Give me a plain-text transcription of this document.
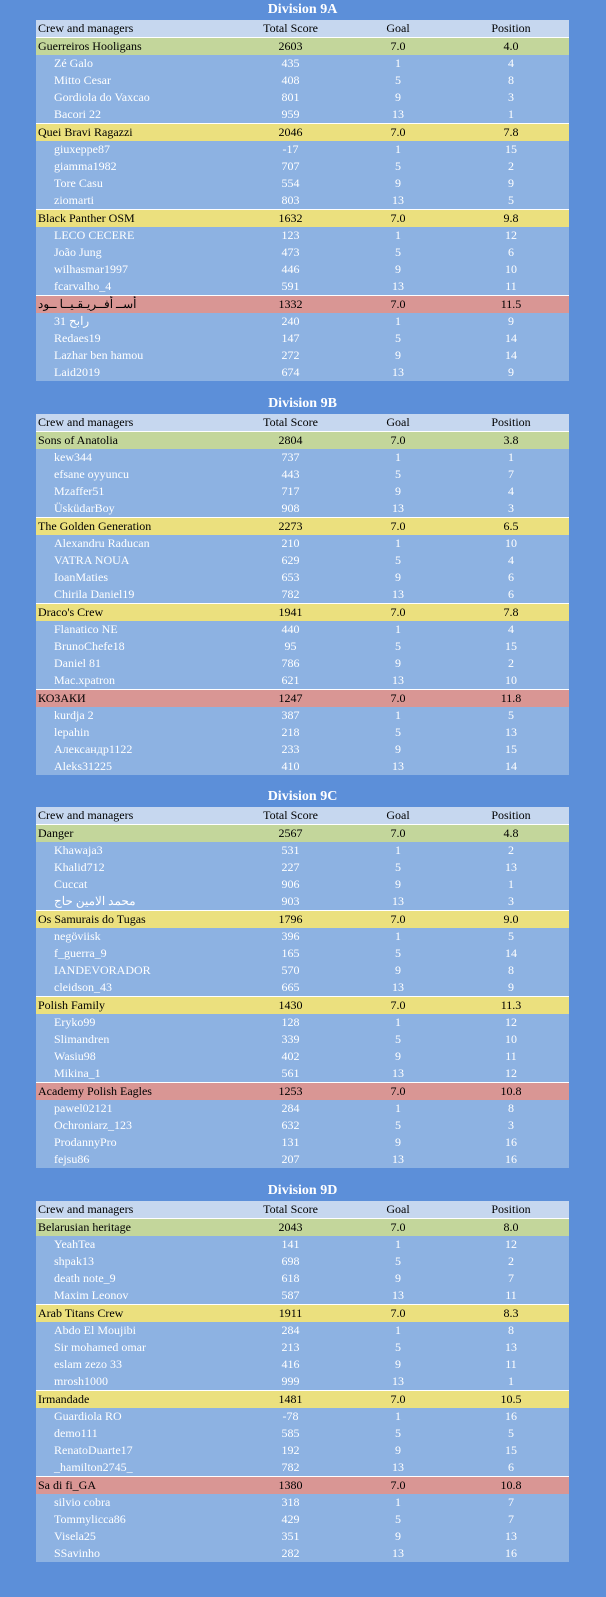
Division 9A
Crew and managers	Total Score	Goal	Position
Guerreiros Hooligans	2603	7.0	4.0
Zé Galo	435	1	4
Mitto Cesar	408	5	8
Gordiola do Vaxcao	801	9	3
Bacori 22	959	13	1
Quei Bravi Ragazzi	2046	7.0	7.8
giuxeppe87	-17	1	15
giamma1982	707	5	2
Tore Casu	554	9	9
ziomarti	803	13	5
Black Panther OSM	1632	7.0	9.8
LECO CECERE	123	1	12
João Jung	473	5	6
wilhasmar1997	446	9	10
fcarvalho_4	591	13	11
أســ أفــريـقـيــا ــود	1332	7.0	11.5
رابح 31	240	1	9
Redaes19	147	5	14
Lazhar ben hamou	272	9	14
Laid2019	674	13	9
Division 9B
Crew and managers	Total Score	Goal	Position
Sons of Anatolia	2804	7.0	3.8
kew344	737	1	1
efsane oyyuncu	443	5	7
Mzaffer51	717	9	4
ÜsküdarBoy	908	13	3
The Golden Generation	2273	7.0	6.5
Alexandru Raducan	210	1	10
VATRA NOUA	629	5	4
IoanMaties	653	9	6
Chirila Daniel19	782	13	6
Draco's Crew	1941	7.0	7.8
Flanatico NE	440	1	4
BrunoChefe18	95	5	15
Daniel 81	786	9	2
Mac.xpatron	621	13	10
КОЗАКИ	1247	7.0	11.8
kurdja 2	387	1	5
lepahin	218	5	13
Александр1122	233	9	15
Aleks31225	410	13	14
Division 9C
Crew and managers	Total Score	Goal	Position
Danger	2567	7.0	4.8
Khawaja3	531	1	2
Khalid712	227	5	13
Cuccat	906	9	1
محمد الامين حاج	903	13	3
Os Samurais do Tugas	1796	7.0	9.0
negöviisk	396	1	5
f_guerra_9	165	5	14
IANDEVORADOR	570	9	8
cleidson_43	665	13	9
Polish Family	1430	7.0	11.3
Eryko99	128	1	12
Slimandren	339	5	10
Wasiu98	402	9	11
Mikina_1	561	13	12
Academy Polish Eagles	1253	7.0	10.8
pawel02121	284	1	8
Ochroniarz_123	632	5	3
ProdannyPro	131	9	16
fejsu86	207	13	16
Division 9D
Crew and managers	Total Score	Goal	Position
Belarusian heritage	2043	7.0	8.0
YeahTea	141	1	12
shpak13	698	5	2
death note_9	618	9	7
Maxim Leonov	587	13	11
Arab Titans Crew	1911	7.0	8.3
Abdo El Moujibi	284	1	8
Sir mohamed omar	213	5	13
eslam zezo 33	416	9	11
mrosh1000	999	13	1
Irmandade	1481	7.0	10.5
Guardiola RO	-78	1	16
demo111	585	5	5
RenatoDuarte17	192	9	15
_hamilton2745_	782	13	6
Sa di fi_GA	1380	7.0	10.8
silvio cobra	318	1	7
Tommylicca86	429	5	7
Visela25	351	9	13
SSavinho	282	13	16
